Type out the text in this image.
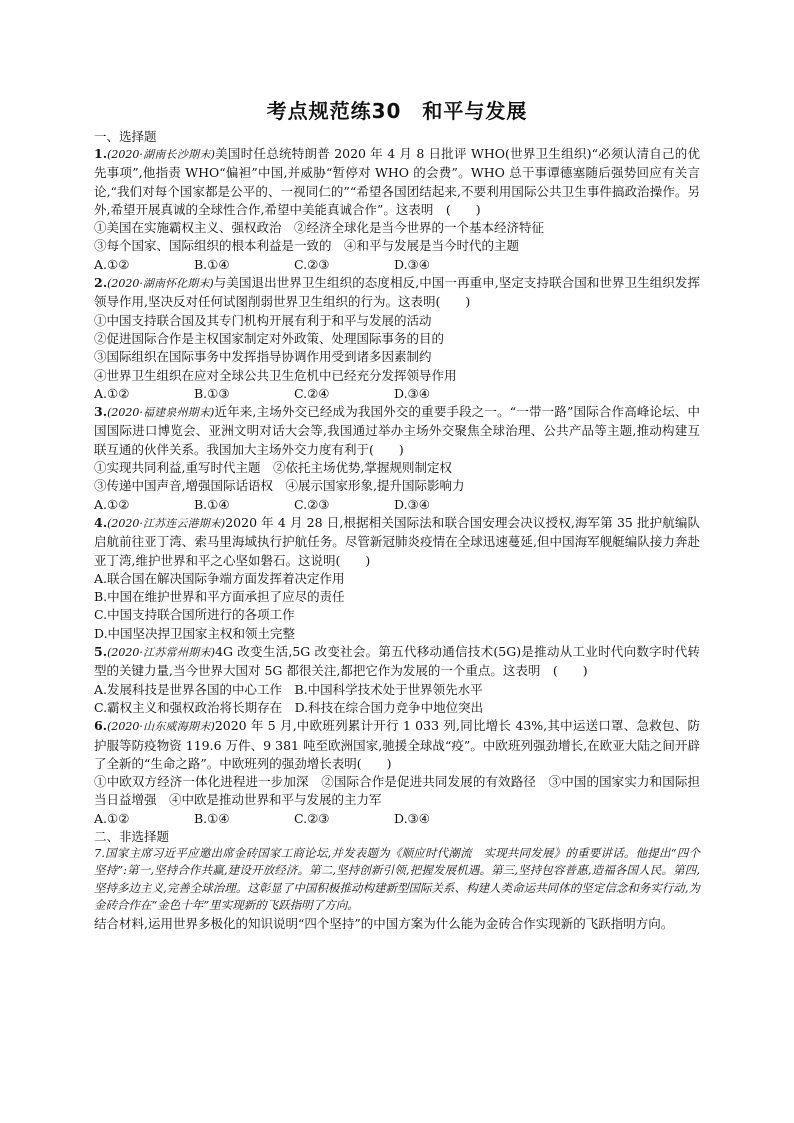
考点规范练30　和平与发展

一、选择题

1.(2020·湖南长沙期末)美国时任总统特朗普 2020 年 4 月 8 日批评 WHO(世界卫生组织)“必须认清自己的优先事项”,他指责 WHO“偏袒”中国,并威胁“暂停对 WHO 的会费”。WHO 总干事谭德塞随后强势回应有关言论,“我们对每个国家都是公平的、一视同仁的”“希望各国团结起来,不要利用国际公共卫生事件搞政治操作。另外,希望开展真诚的全球性合作,希望中美能真诚合作”。这表明　(　　)

①美国在实施霸权主义、强权政治　②经济全球化是当今世界的一个基本经济特征

③每个国家、国际组织的根本利益是一致的　④和平与发展是当今时代的主题

A.①②	B.①④	C.②③	D.③④

2.(2020·湖南怀化期末)与美国退出世界卫生组织的态度相反,中国一再重申,坚定支持联合国和世界卫生组织发挥领导作用,坚决反对任何试图削弱世界卫生组织的行为。这表明(　　)

①中国支持联合国及其专门机构开展有利于和平与发展的活动

②促进国际合作是主权国家制定对外政策、处理国际事务的目的

③国际组织在国际事务中发挥指导协调作用受到诸多因素制约

④世界卫生组织在应对全球公共卫生危机中已经充分发挥领导作用

A.①②	B.①③	C.②④	D.③④

3.(2020·福建泉州期末)近年来,主场外交已经成为我国外交的重要手段之一。“一带一路”国际合作高峰论坛、中国国际进口博览会、亚洲文明对话大会等,我国通过举办主场外交聚焦全球治理、公共产品等主题,推动构建互联互通的伙伴关系。我国加大主场外交力度有利于(　　)

①实现共同利益,重写时代主题　②依托主场优势,掌握规则制定权

③传递中国声音,增强国际话语权　④展示国家形象,提升国际影响力

A.①②	B.①④	C.②③	D.③④

4.(2020·江苏连云港期末)2020 年 4 月 28 日,根据相关国际法和联合国安理会决议授权,海军第 35 批护航编队启航前往亚丁湾、索马里海域执行护航任务。尽管新冠肺炎疫情在全球迅速蔓延,但中国海军舰艇编队接力奔赴亚丁湾,维护世界和平之心坚如磐石。这说明(　　)

A.联合国在解决国际争端方面发挥着决定作用

B.中国在维护世界和平方面承担了应尽的责任

C.中国支持联合国所进行的各项工作

D.中国坚决捍卫国家主权和领土完整

5.(2020·江苏常州期末)4G 改变生活,5G 改变社会。第五代移动通信技术(5G)是推动从工业时代向数字时代转型的关键力量,当今世界大国对 5G 都很关注,都把它作为发展的一个重点。这表明　(　　)

A.发展科技是世界各国的中心工作　B.中国科学技术处于世界领先水平

C.霸权主义和强权政治将长期存在　D.科技在综合国力竞争中地位突出

6.(2020·山东威海期末)2020 年 5 月,中欧班列累计开行 1 033 列,同比增长 43%,其中运送口罩、急救包、防护服等防疫物资 119.6 万件、9 381 吨至欧洲国家,驰援全球战“疫”。中欧班列强劲增长,在欧亚大陆之间开辟了全新的“生命之路”。中欧班列的强劲增长表明(　　)

①中欧双方经济一体化进程进一步加深　②国际合作是促进共同发展的有效路径　③中国的国家实力和国际担当日益增强　④中欧是推动世界和平与发展的主力军

A.①②	B.①④	C.②③	D.③④

二、非选择题

7.国家主席习近平应邀出席金砖国家工商论坛,并发表题为《顺应时代潮流　实现共同发展》的重要讲话。他提出“四个坚持”:第一,坚持合作共赢,建设开放经济。第二,坚持创新引领,把握发展机遇。第三,坚持包容普惠,造福各国人民。第四,坚持多边主义,完善全球治理。这彰显了中国积极推动构建新型国际关系、构建人类命运共同体的坚定信念和务实行动,为金砖合作在“金色十年”里实现新的飞跃指明了方向。

结合材料,运用世界多极化的知识说明“四个坚持”的中国方案为什么能为金砖合作实现新的飞跃指明方向。
